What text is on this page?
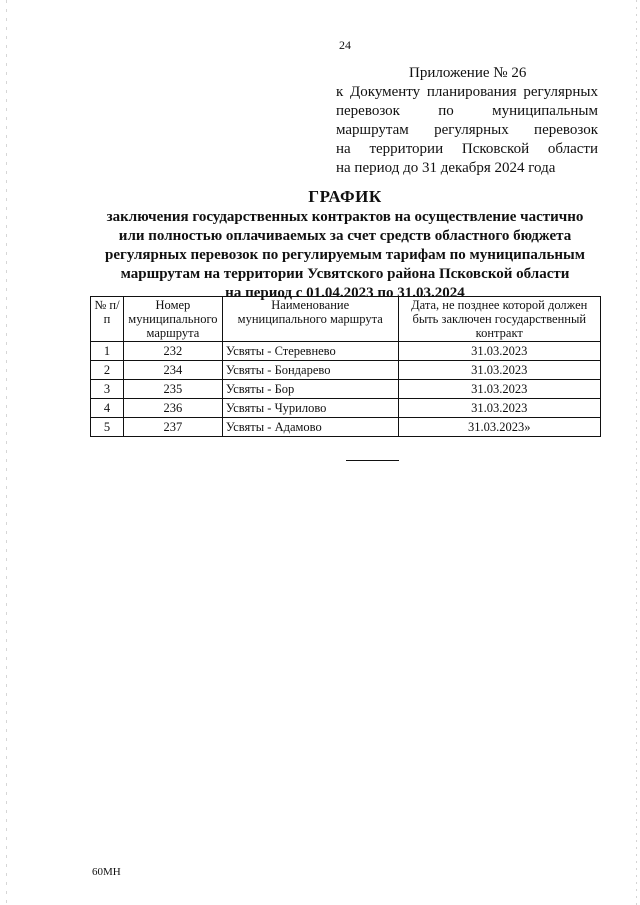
24
Приложение № 26
к Документу планирования регулярных
перевозок по муниципальным
маршрутам регулярных перевозок
на территории Псковской области
на период до 31 декабря 2024 года
ГРАФИК
заключения государственных контрактов на осуществление частично
или полностью оплачиваемых за счет средств областного бюджета
регулярных перевозок по регулируемым тарифам по муниципальным
маршрутам на территории Усвятского района Псковской области
на период с 01.04.2023 по 31.03.2024
№ п/п	Номер муниципального маршрута	Наименование муниципального маршрута	Дата, не позднее которой должен быть заключен государственный контракт
1	232	Усвяты - Стеревнево	31.03.2023
2	234	Усвяты - Бондарево	31.03.2023
3	235	Усвяты - Бор	31.03.2023
4	236	Усвяты - Чурилово	31.03.2023
5	237	Усвяты - Адамово	31.03.2023»
60МН
